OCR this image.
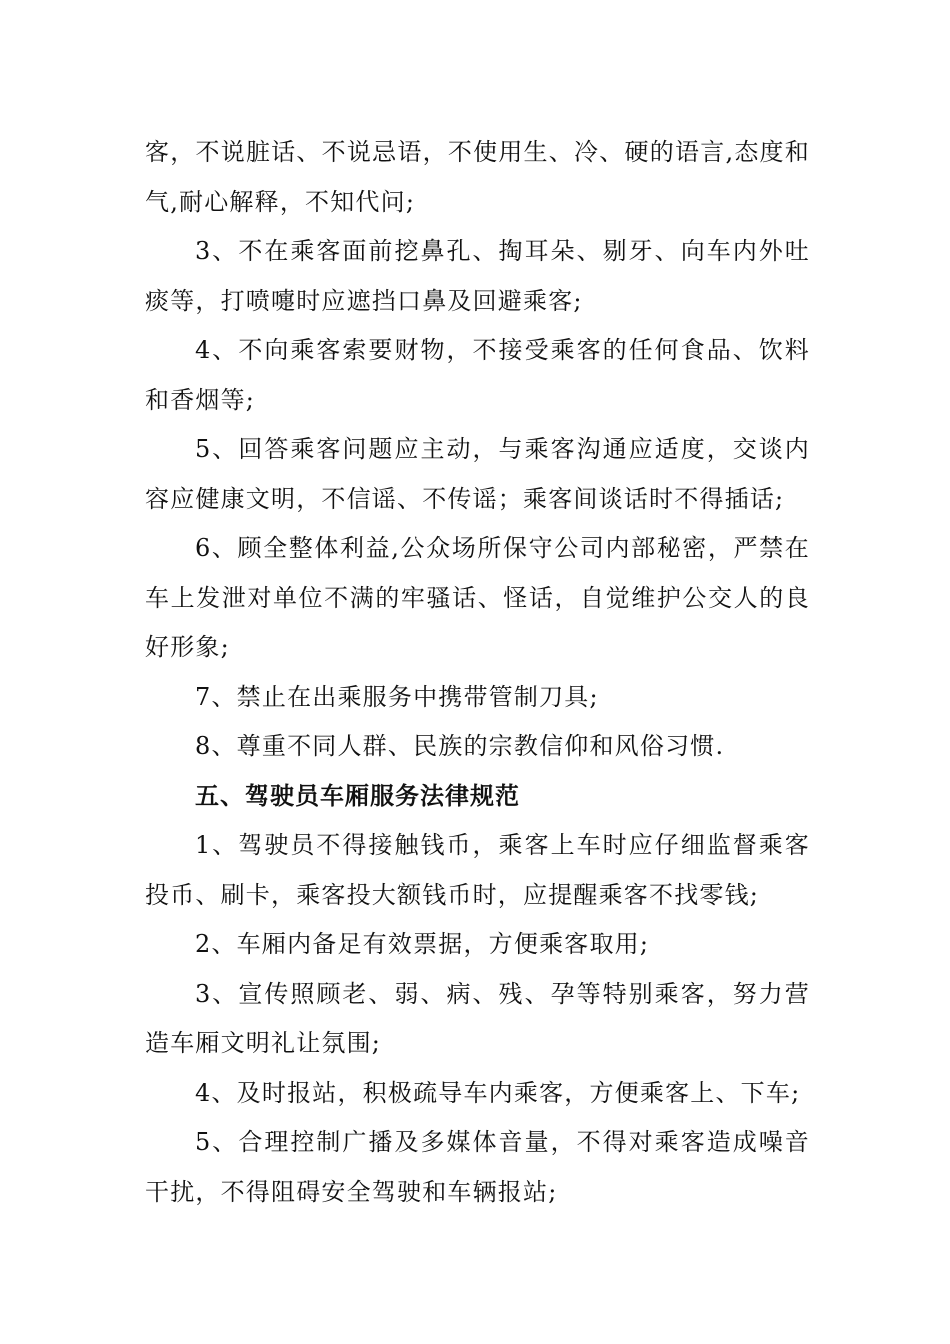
客，不说脏话、不说忌语，不使用生、冷、硬的语言,态度和气,耐心解释，不知代问;

3、不在乘客面前挖鼻孔、掏耳朵、剔牙、向车内外吐痰等，打喷嚏时应遮挡口鼻及回避乘客;

4、不向乘客索要财物，不接受乘客的任何食品、饮料和香烟等;

5、回答乘客问题应主动，与乘客沟通应适度，交谈内容应健康文明，不信谣、不传谣；乘客间谈话时不得插话;

6、顾全整体利益,公众场所保守公司内部秘密，严禁在车上发泄对单位不满的牢骚话、怪话，自觉维护公交人的良好形象;

7、禁止在出乘服务中携带管制刀具;

8、尊重不同人群、民族的宗教信仰和风俗习惯.

五、驾驶员车厢服务法律规范

1、驾驶员不得接触钱币，乘客上车时应仔细监督乘客投币、刷卡，乘客投大额钱币时，应提醒乘客不找零钱;

2、车厢内备足有效票据，方便乘客取用;

3、宣传照顾老、弱、病、残、孕等特别乘客，努力营造车厢文明礼让氛围;

4、及时报站，积极疏导车内乘客，方便乘客上、下车;

5、合理控制广播及多媒体音量，不得对乘客造成噪音干扰，不得阻碍安全驾驶和车辆报站;
